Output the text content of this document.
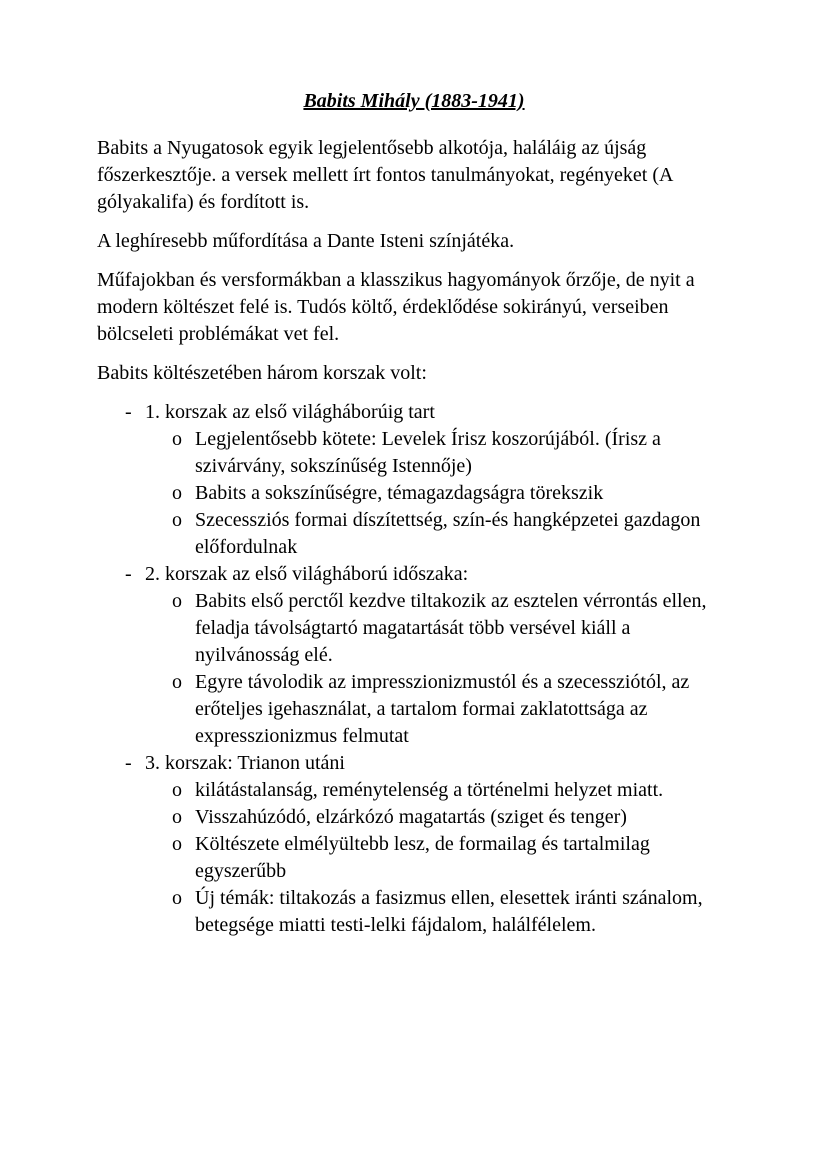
Babits Mihály (1883-1941)

Babits a Nyugatosok egyik legjelentősebb alkotója, haláláig az újság főszerkesztője. a versek mellett írt fontos tanulmányokat, regényeket (A gólyakalifa) és fordított is.

A leghíresebb műfordítása a Dante Isteni színjátéka.

Műfajokban és versformákban a klasszikus hagyományok őrzője, de nyit a modern költészet felé is. Tudós költő, érdeklődése sokirányú, verseiben bölcseleti problémákat vet fel.

Babits költészetében három korszak volt:

- 1. korszak az első világháborúig tart
o Legjelentősebb kötete: Levelek Írisz koszorújából. (Írisz a szivárvány, sokszínűség Istennője)
o Babits a sokszínűségre, témagazdagságra törekszik
o Szecessziós formai díszítettség, szín-és hangképzetei gazdagon előfordulnak
- 2. korszak az első világháború időszaka:
o Babits első perctől kezdve tiltakozik az esztelen vérrontás ellen, feladja távolságtartó magatartását több versével kiáll a nyilvánosság elé.
o Egyre távolodik az impresszionizmustól és a szecessziótól, az erőteljes igehasználat, a tartalom formai zaklatottsága az expresszionizmus felmutat
- 3. korszak: Trianon utáni
o kilátástalanság, reménytelenség a történelmi helyzet miatt.
o Visszahúzódó, elzárkózó magatartás (sziget és tenger)
o Költészete elmélyültebb lesz, de formailag és tartalmilag egyszerűbb
o Új témák: tiltakozás a fasizmus ellen, elesettek iránti szánalom, betegsége miatti testi-lelki fájdalom, halálfélelem.
